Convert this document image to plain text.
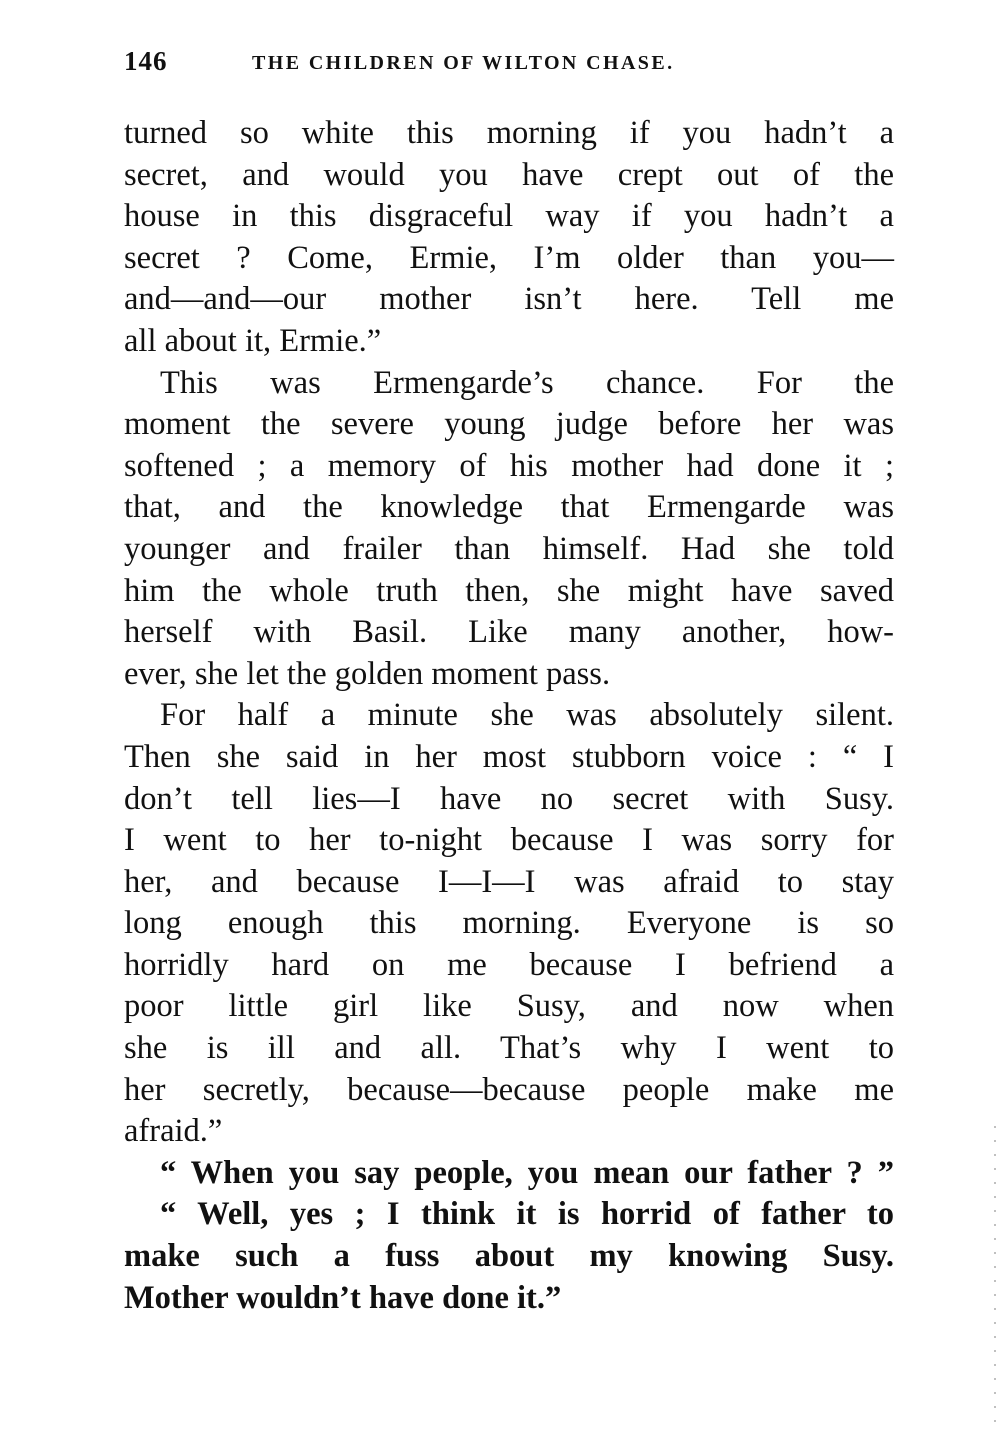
146	THE CHILDREN OF WILTON CHASE.
turned so white this morning if you hadn’t a
secret, and would you have crept out of the
house in this disgraceful way if you hadn’t a
secret ? Come, Ermie, I’m older than you—
and—and—our mother isn’t here. Tell me
all about it, Ermie.”
This was Ermengarde’s chance. For the
moment the severe young judge before her was
softened ; a memory of his mother had done it ;
that, and the knowledge that Ermengarde was
younger and frailer than himself. Had she told
him the whole truth then, she might have saved
herself with Basil. Like many another, how-
ever, she let the golden moment pass.
For half a minute she was absolutely silent.
Then she said in her most stubborn voice : “ I
don’t tell lies—I have no secret with Susy.
I went to her to-night because I was sorry for
her, and because I—I—I was afraid to stay
long enough this morning. Everyone is so
horridly hard on me because I befriend a
poor little girl like Susy, and now when
she is ill and all. That’s why I went to
her secretly, because—because people make me
afraid.”
“ When you say people, you mean our father ? ”
“ Well, yes ; I think it is horrid of father to
make such a fuss about my knowing Susy.
Mother wouldn’t have done it.”
